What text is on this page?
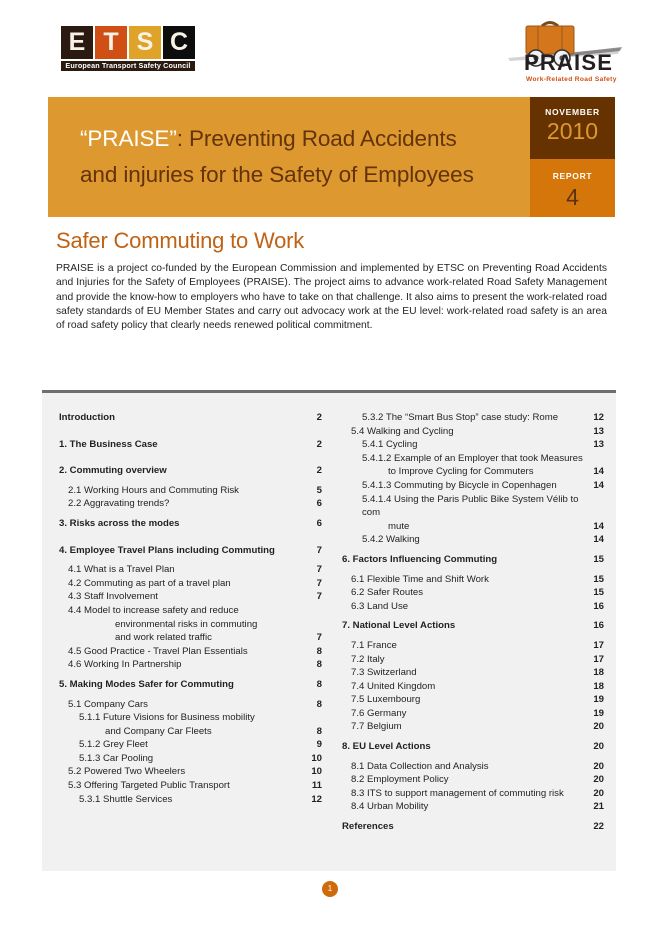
E T S C
European Transport Safety Council	PRAISE
Work-Related Road Safety
“PRAISE”: Preventing Road Accidents
and injuries for the Safety of Employees
NOVEMBER
2010
REPORT
4
Safer Commuting to Work
PRAISE is a project co-funded by the European Commission and implemented by ETSC on Preventing Road Accidents and Injuries for the Safety of Employees (PRAISE). The project aims to advance work-related Road Safety Management and provide the know-how to employers who have to take on that challenge. It also aims to present the work-related road safety standards of EU Member States and carry out advocacy work at the EU level: work-related road safety is an area of road safety policy that clearly needs renewed political commitment.
Introduction	2
1. The Business Case	2
2. Commuting overview	2
2.1 Working Hours and Commuting Risk	5
2.2 Aggravating trends?	6
3. Risks across the modes	6
4. Employee Travel Plans including Commuting	7
4.1 What is a Travel Plan	7
4.2 Commuting as part of a travel plan	7
4.3 Staff Involvement	7
4.4 Model to increase safety and reduce
environmental risks in commuting
and work related traffic	7
4.5 Good Practice - Travel Plan Essentials	8
4.6 Working In Partnership	8
5. Making Modes Safer for Commuting	8
5.1 Company Cars	8
5.1.1 Future Visions for Business mobility
and Company Car Fleets	8
5.1.2 Grey Fleet	9
5.1.3 Car Pooling	10
5.2 Powered Two Wheelers	10
5.3 Offering Targeted Public Transport	11
5.3.1 Shuttle Services	12
5.3.2 The “Smart Bus Stop” case study: Rome	12
5.4 Walking and Cycling	13
5.4.1 Cycling	13
5.4.1.2 Example of an Employer that took Measures
to Improve Cycling for Commuters	14
5.4.1.3 Commuting by Bicycle in Copenhagen	14
5.4.1.4 Using the Paris Public Bike System Vélib to com
mute	14
5.4.2 Walking	14
6. Factors Influencing Commuting	15
6.1 Flexible Time and Shift Work	15
6.2 Safer Routes	15
6.3 Land Use	16
7. National Level Actions	16
7.1 France	17
7.2 Italy	17
7.3 Switzerland	18
7.4 United Kingdom	18
7.5 Luxembourg	19
7.6 Germany	19
7.7 Belgium	20
8. EU Level Actions	20
8.1 Data Collection and Analysis	20
8.2 Employment Policy	20
8.3 ITS to support management of commuting risk	20
8.4 Urban Mobility	21
References	22
1
